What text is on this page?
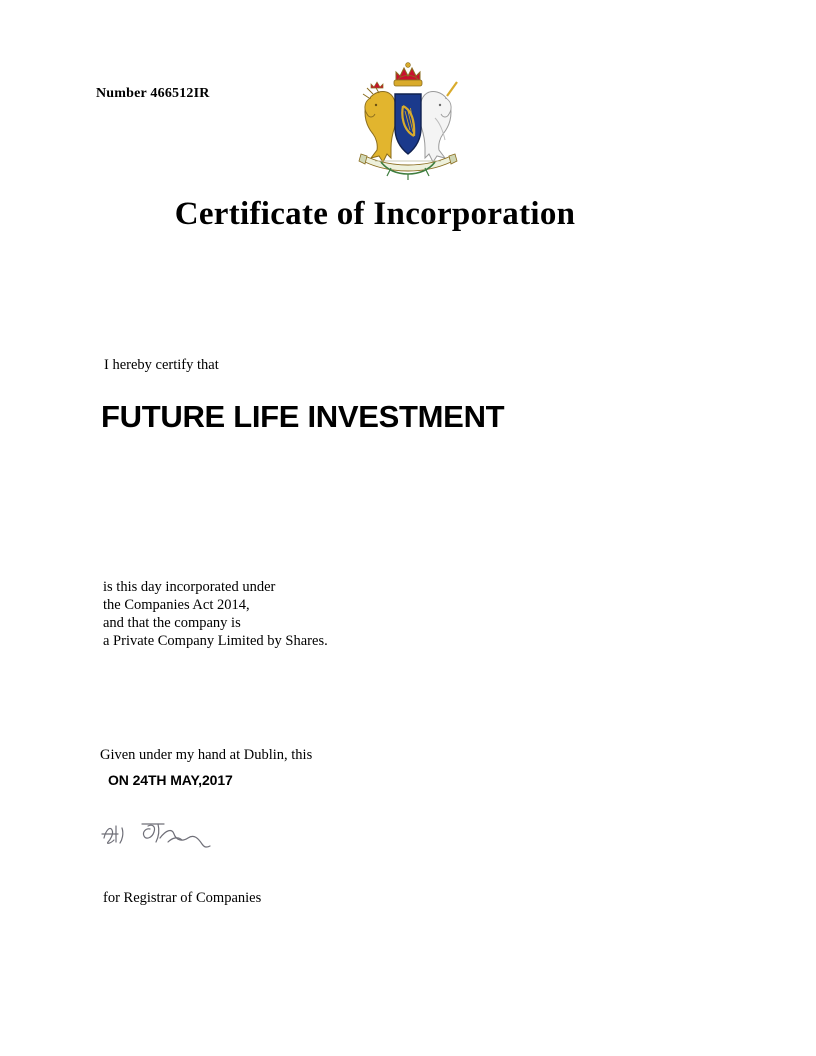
Number 466512IR
Certificate of Incorporation
I hereby certify that
FUTURE LIFE INVESTMENT
is this day incorporated under
the Companies Act 2014,
and that the company is
a Private Company Limited by Shares.
Given under my hand at Dublin, this
ON 24TH MAY,2017
for Registrar of Companies
